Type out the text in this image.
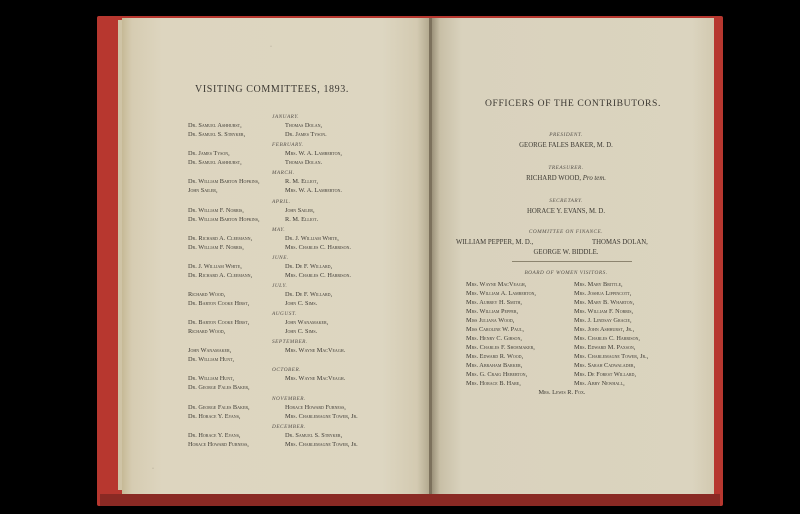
·
VISITING COMMITTEES, 1893.
JANUARY.
Dr. Samuel Ashhurst,
Dr. Samuel S. Stryker,
Thomas Dolan,
Dr. James Tyson.
FEBRUARY.
Dr. James Tyson,
Dr. Samuel Ashhurst,
Mrs. W. A. Lamberton,
Thomas Dolan.
MARCH.
Dr. William Barton Hopkins,
John Sailer,
R. M. Elliot,
Mrs. W. A. Lamberton.
APRIL.
Dr. William F. Norris,
Dr. William Barton Hopkins,
John Sailer,
R. M. Elliot.
MAY.
Dr. Richard A. Cleemann,
Dr. William F. Norris,
Dr. J. William White,
Mrs. Charles C. Harrison.
JUNE.
Dr. J. William White,
Dr. Richard A. Cleemann,
Dr. De F. Willard,
Mrs. Charles C. Harrison.
JULY.
Richard Wood,
Dr. Barton Cooke Hirst,
Dr. De F. Willard,
John C. Sims.
AUGUST.
Dr. Barton Cooke Hirst,
Richard Wood,
John Wanamaker,
John C. Sims.
SEPTEMBER.
John Wanamaker,
Dr. William Hunt,
Mrs. Wayne MacVeagh.
OCTOBER.
Dr. William Hunt,
Dr. George Fales Baker,
Mrs. Wayne MacVeagh.
NOVEMBER.
Dr. George Fales Baker,
Dr. Horace Y. Evans,
Horace Howard Furness,
Mrs. Charlemagne Tower, Jr.
DECEMBER.
Dr. Horace Y. Evans,
Horace Howard Furness,
Dr. Samuel S. Stryker,
Mrs. Charlemagne Tower, Jr.
·
OFFICERS OF THE CONTRIBUTORS.
PRESIDENT.
GEORGE FALES BAKER, M. D.
TREASURER.
RICHARD WOOD, Pro tem.
SECRETARY.
HORACE Y. EVANS, M. D.
COMMITTEE ON FINANCE.
WILLIAM PEPPER, M. D.,	THOMAS DOLAN,
GEORGE W. BIDDLE.
BOARD OF WOMEN VISITORS.
Mrs. Wayne MacVeagh,
Mrs. William A. Lamberton,
Mrs. Aubrey H. Smith,
Mrs. William Pepper,
Miss Juliana Wood,
Miss Caroline W. Paul,
Mrs. Henry C. Gibson,
Mrs. Charles F. Shoemaker,
Mrs. Edward R. Wood,
Mrs. Abraham Barker,
Mrs. G. Craig Heberton,
Mrs. Horace B. Hare,
Mrs. Mary Brittle,
Mrs. Joshua Lippincott,
Mrs. Mary B. Wharton,
Mrs. William F. Norris,
Mrs. J. Lindsay Gracie,
Mrs. John Ashhurst, Jr.,
Mrs. Charles C. Harrison,
Mrs. Edward M. Paxson,
Mrs. Charlemagne Tower, Jr.,
Mrs. Sarah Cadwalader,
Mrs. De Forest Willard,
Mrs. Abby Newhall,
Mrs. Lewis R. Fox.
